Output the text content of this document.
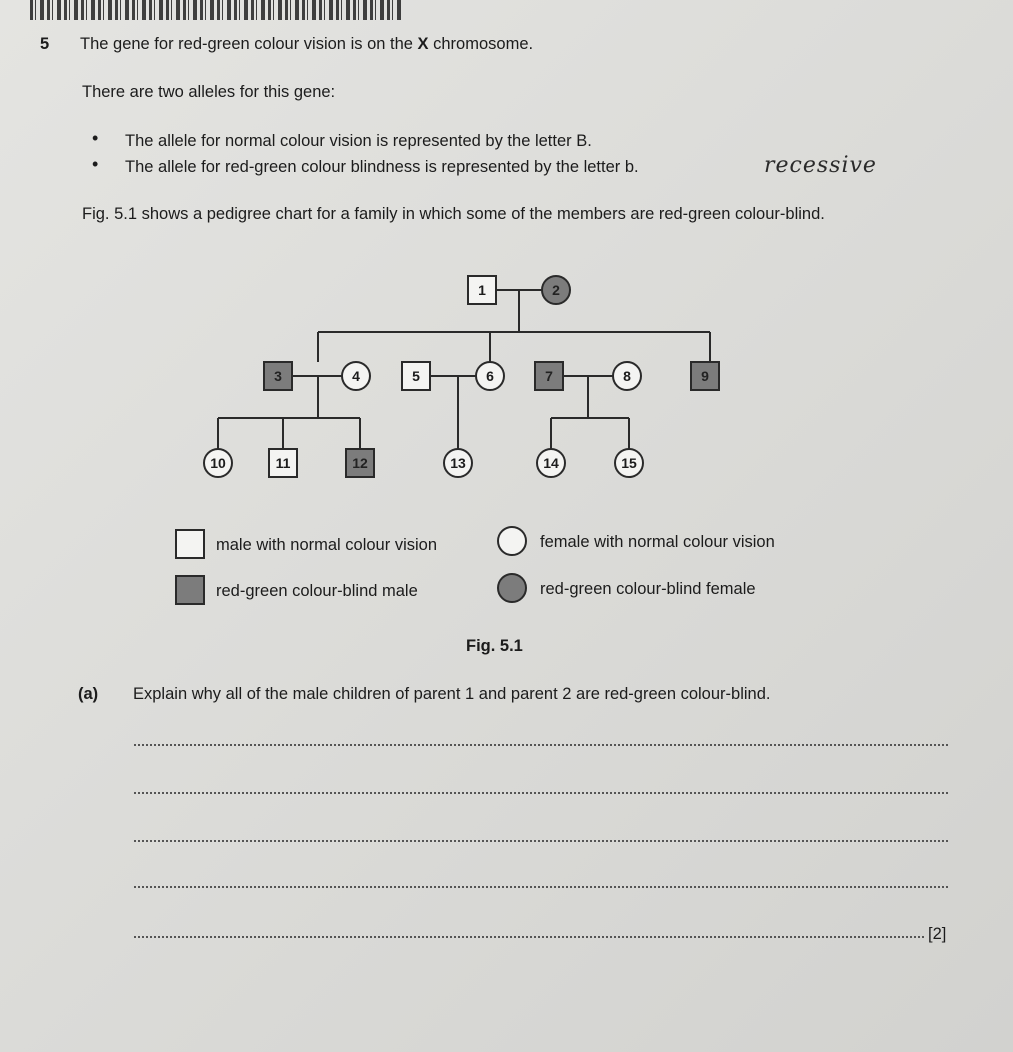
5 The gene for red-green colour vision is on the X chromosome.
There are two alleles for this gene:
• The allele for normal colour vision is represented by the letter B.
• The allele for red-green colour blindness is represented by the letter b.	recessive
Fig. 5.1 shows a pedigree chart for a family in which some of the members are red-green colour-blind.
1	2
3	4	5	6	7	8	9
10	11	12	13	14	15
male with normal colour vision	female with normal colour vision
red-green colour-blind male	red-green colour-blind female
Fig. 5.1
(a) Explain why all of the male children of parent 1 and parent 2 are red-green colour-blind.
[2]
